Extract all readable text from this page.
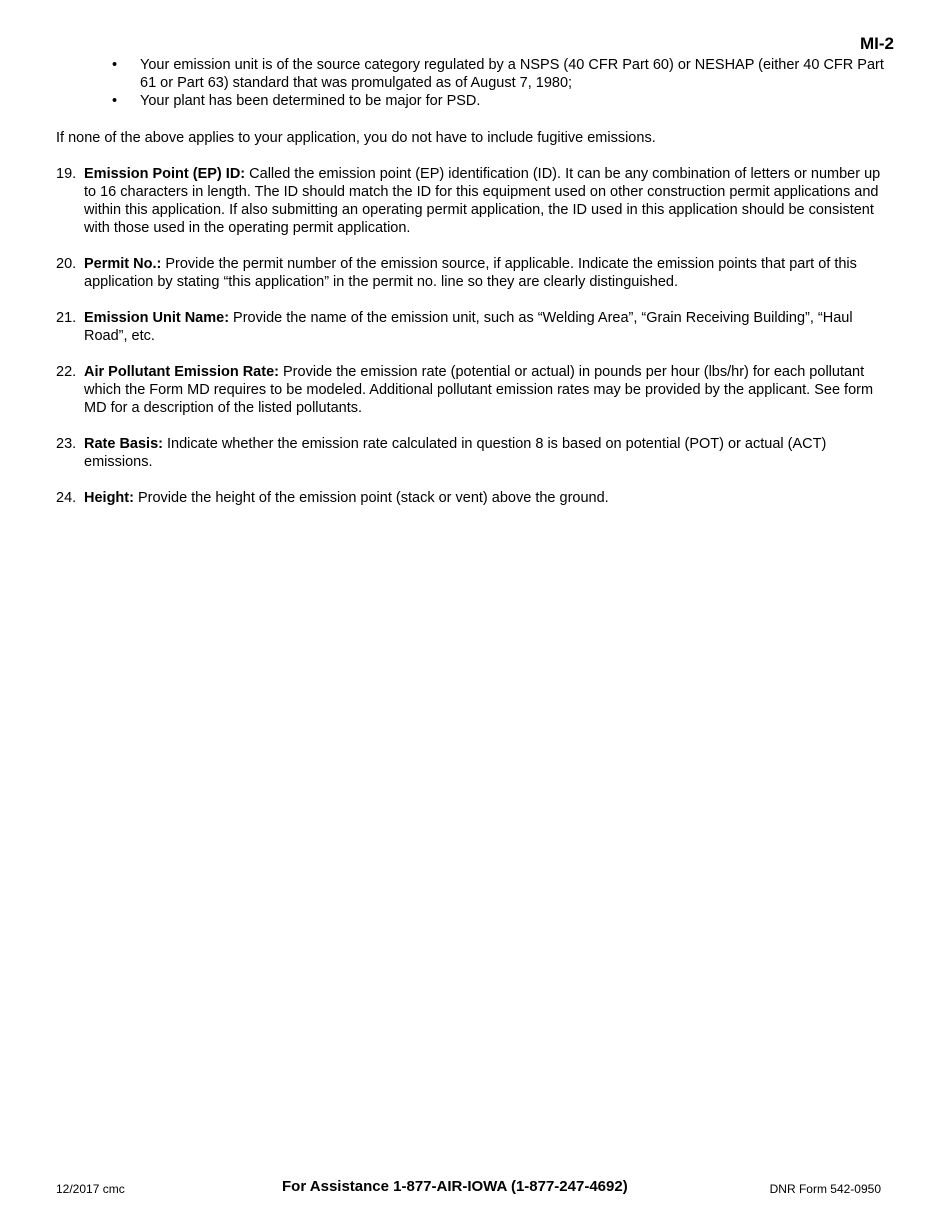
MI-2
• Your emission unit is of the source category regulated by a NSPS (40 CFR Part 60) or NESHAP (either 40 CFR Part 61 or Part 63) standard that was promulgated as of August 7, 1980;
• Your plant has been determined to be major for PSD.

If none of the above applies to your application, you do not have to include fugitive emissions.

19. Emission Point (EP) ID: Called the emission point (EP) identification (ID). It can be any combination of letters or number up to 16 characters in length. The ID should match the ID for this equipment used on other construction permit applications and within this application. If also submitting an operating permit application, the ID used in this application should be consistent with those used in the operating permit application.
20. Permit No.: Provide the permit number of the emission source, if applicable. Indicate the emission points that part of this application by stating “this application” in the permit no. line so they are clearly distinguished.
21. Emission Unit Name: Provide the name of the emission unit, such as “Welding Area”, “Grain Receiving Building”, “Haul Road”, etc.
22. Air Pollutant Emission Rate: Provide the emission rate (potential or actual) in pounds per hour (lbs/hr) for each pollutant which the Form MD requires to be modeled. Additional pollutant emission rates may be provided by the applicant. See form MD for a description of the listed pollutants.
23. Rate Basis: Indicate whether the emission rate calculated in question 8 is based on potential (POT) or actual (ACT) emissions.
24. Height: Provide the height of the emission point (stack or vent) above the ground.
12/2017 cmc	For Assistance 1-877-AIR-IOWA (1-877-247-4692)	DNR Form 542-0950
